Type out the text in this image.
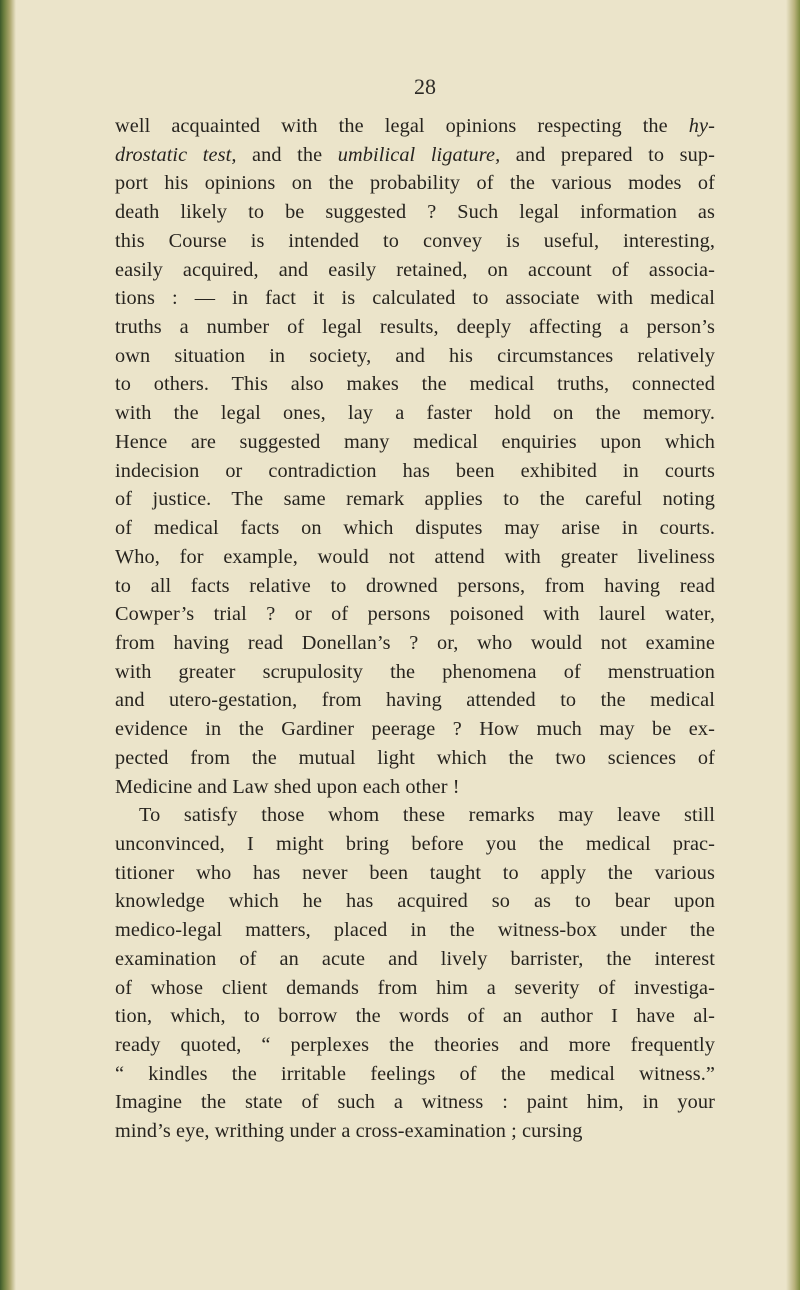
28
well acquainted with the legal opinions respecting the hy-
drostatic test, and the umbilical ligature, and prepared to sup-
port his opinions on the probability of the various modes of
death likely to be suggested ? Such legal information as
this Course is intended to convey is useful, interesting,
easily acquired, and easily retained, on account of associa-
tions : — in fact it is calculated to associate with medical
truths a number of legal results, deeply affecting a person’s
own situation in society, and his circumstances relatively
to others. This also makes the medical truths, connected
with the legal ones, lay a faster hold on the memory.
Hence are suggested many medical enquiries upon which
indecision or contradiction has been exhibited in courts
of justice. The same remark applies to the careful noting
of medical facts on which disputes may arise in courts.
Who, for example, would not attend with greater liveliness
to all facts relative to drowned persons, from having read
Cowper’s trial ? or of persons poisoned with laurel water,
from having read Donellan’s ? or, who would not examine
with greater scrupulosity the phenomena of menstruation
and utero-gestation, from having attended to the medical
evidence in the Gardiner peerage ? How much may be ex-
pected from the mutual light which the two sciences of
Medicine and Law shed upon each other !
To satisfy those whom these remarks may leave still
unconvinced, I might bring before you the medical prac-
titioner who has never been taught to apply the various
knowledge which he has acquired so as to bear upon
medico-legal matters, placed in the witness-box under the
examination of an acute and lively barrister, the interest
of whose client demands from him a severity of investiga-
tion, which, to borrow the words of an author I have al-
ready quoted, “ perplexes the theories and more frequently
“ kindles the irritable feelings of the medical witness.”
Imagine the state of such a witness : paint him, in your
mind’s eye, writhing under a cross-examination ; cursing
